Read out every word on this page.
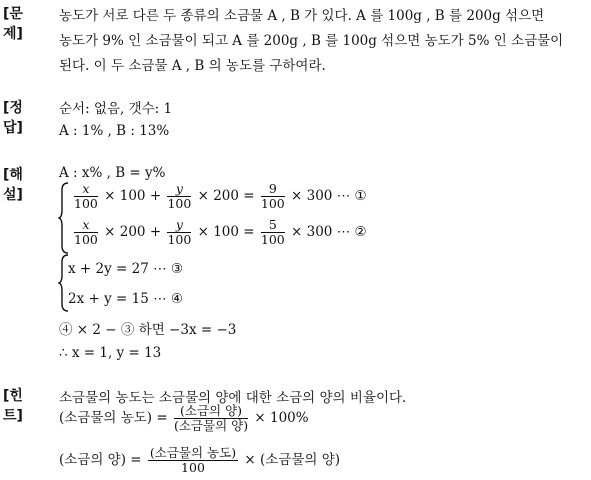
[문제]
농도가 서로 다른 두 종류의 소금물 A , B 가 있다. A 를 100g , B 를 200g 섞으면
농도가 9% 인 소금물이 되고 A 를 200g , B 를 100g 섞으면 농도가 5% 인 소금물이
된다. 이 두 소금물 A , B 의 농도를 구하여라.
[정답]
순서: 없음, 갯수: 1
A : 1% , B : 13%
[해설]
A : x% , B = y%
$\frac{x}{100} \times 100 + \frac{y}{100} \times 200 = \frac{9}{100} \times 300$ ⋯ ①
$\frac{x}{100} \times 200 + \frac{y}{100} \times 100 = \frac{5}{100} \times 300$ ⋯ ②
x + 2y = 27 ⋯ ③
2x + y = 15 ⋯ ④
④ × 2 − ③ 하면 −3x = −3
∴ x = 1, y = 13
[힌트]
소금물의 농도는 소금물의 양에 대한 소금의 양의 비율이다.
(소금물의 농도) = (소금의 양)
(소금물의 양) × 100%
(소금의 양) = (소금물의 농도)
100	× (소금물의 양)
